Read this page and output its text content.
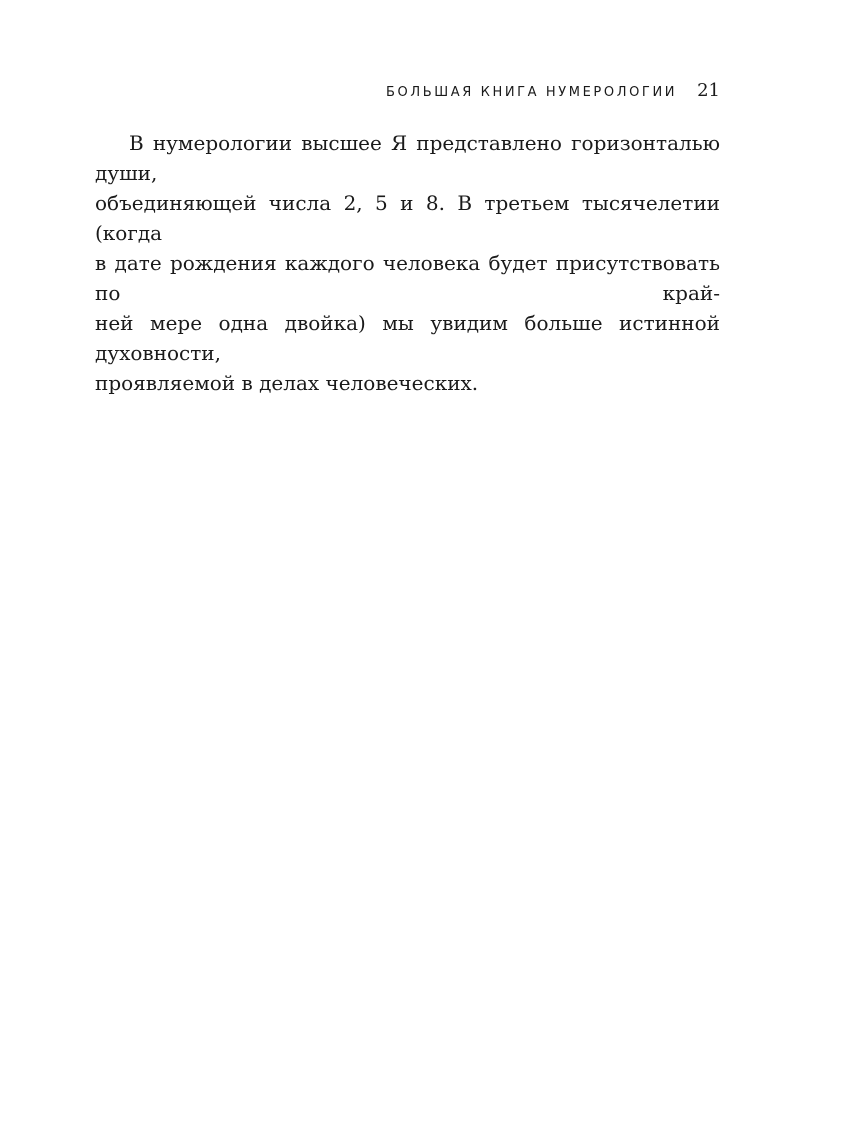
БОЛЬШАЯ КНИГА НУМЕРОЛОГИИ 21

В нумерологии высшее Я представлено горизонталью души,
объединяющей числа 2, 5 и 8. В третьем тысячелетии (когда
в дате рождения каждого человека будет присутствовать по край-
ней мере одна двойка) мы увидим больше истинной духовности,
проявляемой в делах человеческих.
